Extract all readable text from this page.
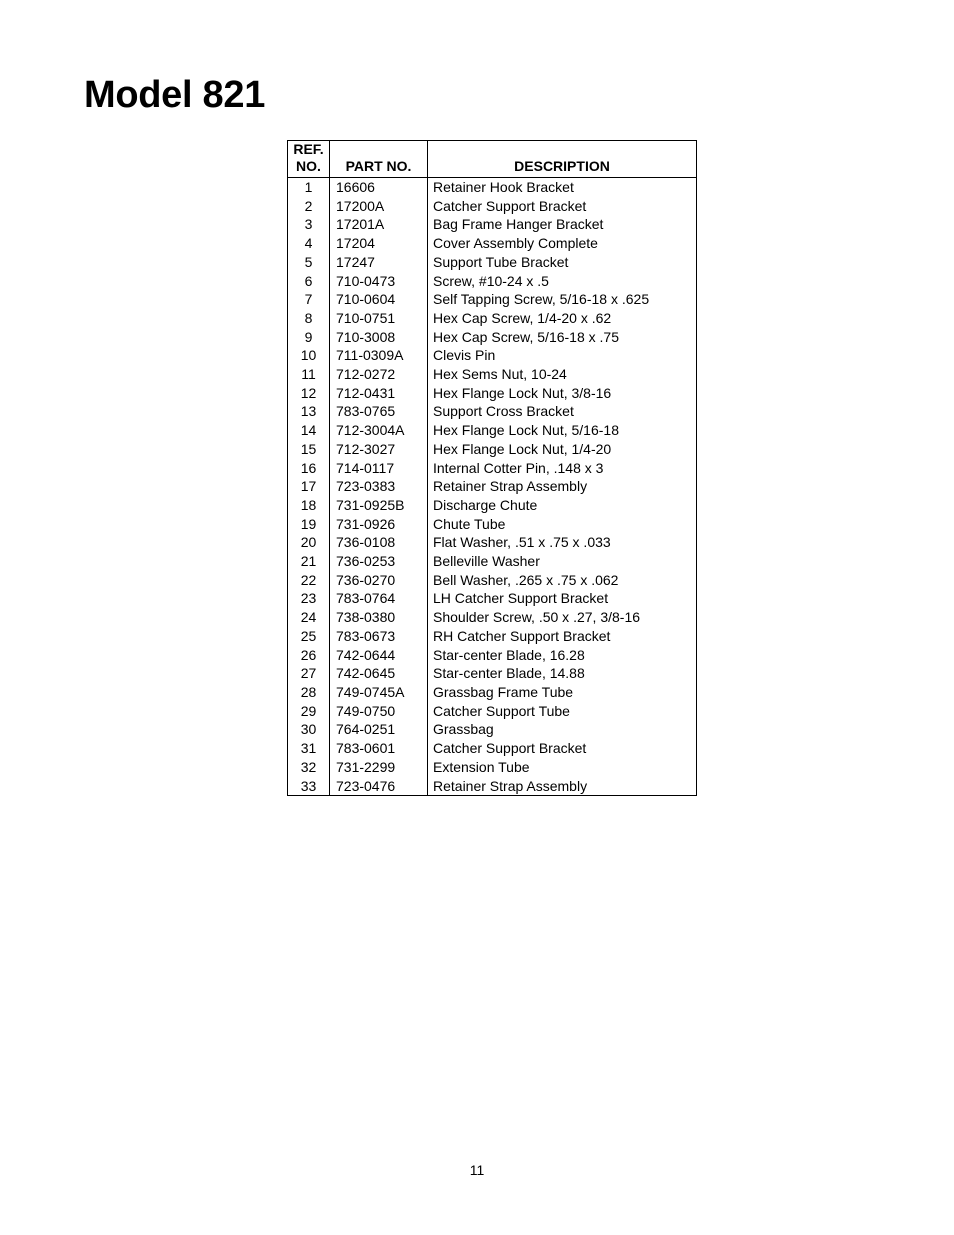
Model 821
REF.
NO.	PART NO.	DESCRIPTION
1	16606	Retainer Hook Bracket
2	17200A	Catcher Support Bracket
3	17201A	Bag Frame Hanger Bracket
4	17204	Cover Assembly Complete
5	17247	Support Tube Bracket
6	710-0473	Screw, #10-24 x .5
7	710-0604	Self Tapping Screw, 5/16-18 x .625
8	710-0751	Hex Cap Screw, 1/4-20 x .62
9	710-3008	Hex Cap Screw, 5/16-18 x .75
10	711-0309A	Clevis Pin
11	712-0272	Hex Sems Nut, 10-24
12	712-0431	Hex Flange Lock Nut, 3/8-16
13	783-0765	Support Cross Bracket
14	712-3004A	Hex Flange Lock Nut, 5/16-18
15	712-3027	Hex Flange Lock Nut, 1/4-20
16	714-0117	Internal Cotter Pin, .148 x 3
17	723-0383	Retainer Strap Assembly
18	731-0925B	Discharge Chute
19	731-0926	Chute Tube
20	736-0108	Flat Washer, .51 x .75 x .033
21	736-0253	Belleville Washer
22	736-0270	Bell Washer, .265 x .75 x .062
23	783-0764	LH Catcher Support Bracket
24	738-0380	Shoulder Screw, .50 x .27, 3/8-16
25	783-0673	RH Catcher Support Bracket
26	742-0644	Star-center Blade, 16.28
27	742-0645	Star-center Blade, 14.88
28	749-0745A	Grassbag Frame Tube
29	749-0750	Catcher Support Tube
30	764-0251	Grassbag
31	783-0601	Catcher Support Bracket
32	731-2299	Extension Tube
33	723-0476	Retainer Strap Assembly
11
